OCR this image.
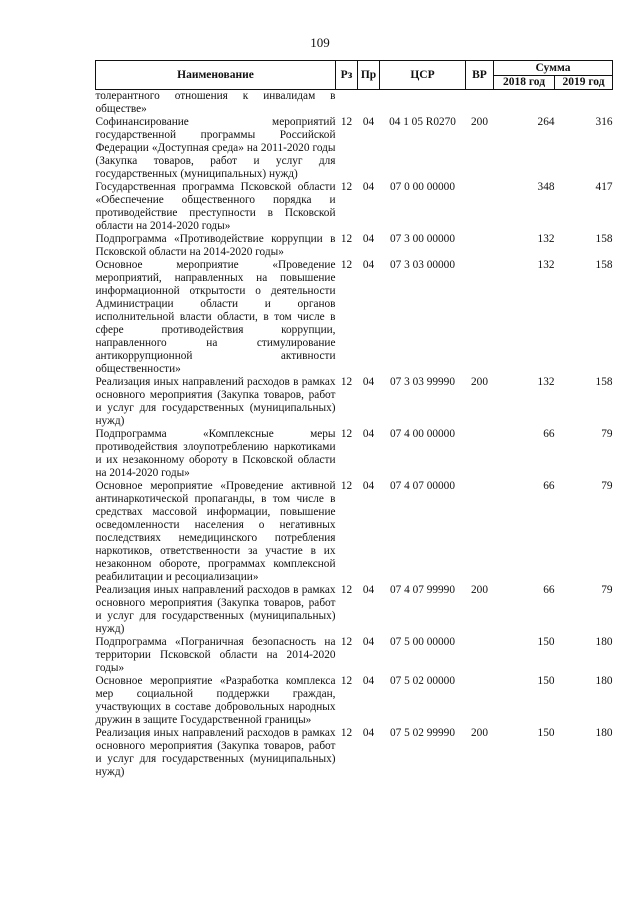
109
Наименование	Рз	Пр	ЦСР	ВР	Сумма	
					2018 год	2019 год
толерантного отношения к инвалидам в обществе»						
Софинансирование мероприятий государственной программы Российской Федерации «Доступная среда» на 2011-2020 годы (Закупка товаров, работ и услуг для государственных (муниципальных) нужд)	12	04	04 1 05 R0270	200	264	316
Государственная программа Псковской области «Обеспечение общественного порядка и противодействие преступности в Псковской области на 2014-2020 годы»	12	04	07 0 00 00000		348	417
Подпрограмма «Противодействие коррупции в Псковской области на 2014-2020 годы»	12	04	07 3 00 00000		132	158
Основное мероприятие «Проведение мероприятий, направленных на повышение информационной открытости о деятельности Администрации области и органов исполнительной власти области, в том числе в сфере противодействия коррупции, направленного на стимулирование антикоррупционной активности общественности»	12	04	07 3 03 00000		132	158
Реализация иных направлений расходов в рамках основного мероприятия (Закупка товаров, работ и услуг для государственных (муниципальных) нужд)	12	04	07 3 03 99990	200	132	158
Подпрограмма «Комплексные меры противодействия злоупотреблению наркотиками и их незаконному обороту в Псковской области на 2014-2020 годы»	12	04	07 4 00 00000		66	79
Основное мероприятие «Проведение активной антинаркотической пропаганды, в том числе в средствах массовой информации, повышение осведомленности населения о негативных последствиях немедицинского потребления наркотиков, ответственности за участие в их незаконном обороте, программах комплексной реабилитации и ресоциализации»	12	04	07 4 07 00000		66	79
Реализация иных направлений расходов в рамках основного мероприятия (Закупка товаров, работ и услуг для государственных (муниципальных) нужд)	12	04	07 4 07 99990	200	66	79
Подпрограмма «Пограничная безопасность на территории Псковской области на 2014-2020 годы»	12	04	07 5 00 00000		150	180
Основное мероприятие «Разработка комплекса мер социальной поддержки граждан, участвующих в составе добровольных народных дружин в защите Государственной границы»	12	04	07 5 02 00000		150	180
Реализация иных направлений расходов в рамках основного мероприятия (Закупка товаров, работ и услуг для государственных (муниципальных) нужд)	12	04	07 5 02 99990	200	150	180
